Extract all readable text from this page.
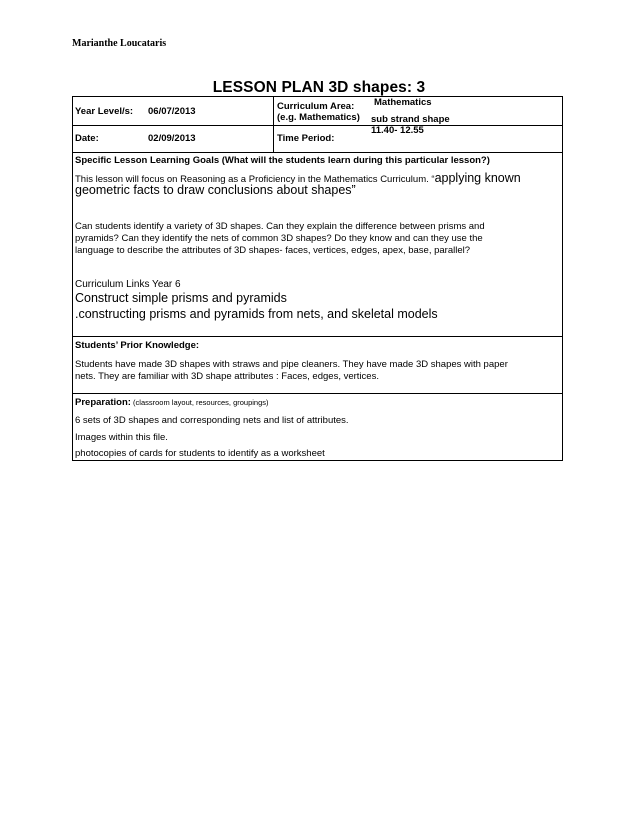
Marianthe Loucataris
LESSON PLAN 3D shapes: 3
Year Level/s: 06/07/2013	Curriculum Area:
(e.g. Mathematics)
Mathematics
sub strand shape
Date:	02/09/2013	Time Period:
11.40- 12.55
Specific Lesson Learning Goals (What will the students learn during this particular lesson?)
This lesson will focus on Reasoning as a Proficiency in the Mathematics Curriculum. “applying known
geometric facts to draw conclusions about shapes”
Can students identify a variety of 3D shapes. Can they explain the difference between prisms and
pyramids? Can they identify the nets of common 3D shapes? Do they know and can they use the
language to describe the attributes of 3D shapes- faces, vertices, edges, apex, base, parallel?
Curriculum Links Year 6
Construct simple prisms and pyramids
.constructing prisms and pyramids from nets, and skeletal models
Students’ Prior Knowledge:
Students have made 3D shapes with straws and pipe cleaners. They have made 3D shapes with paper
nets. They are familiar with 3D shape attributes : Faces, edges, vertices.
Preparation: (classroom layout, resources, groupings)
6 sets of 3D shapes and corresponding nets and list of attributes.
Images within this file.
photocopies of cards for students to identify as a worksheet
